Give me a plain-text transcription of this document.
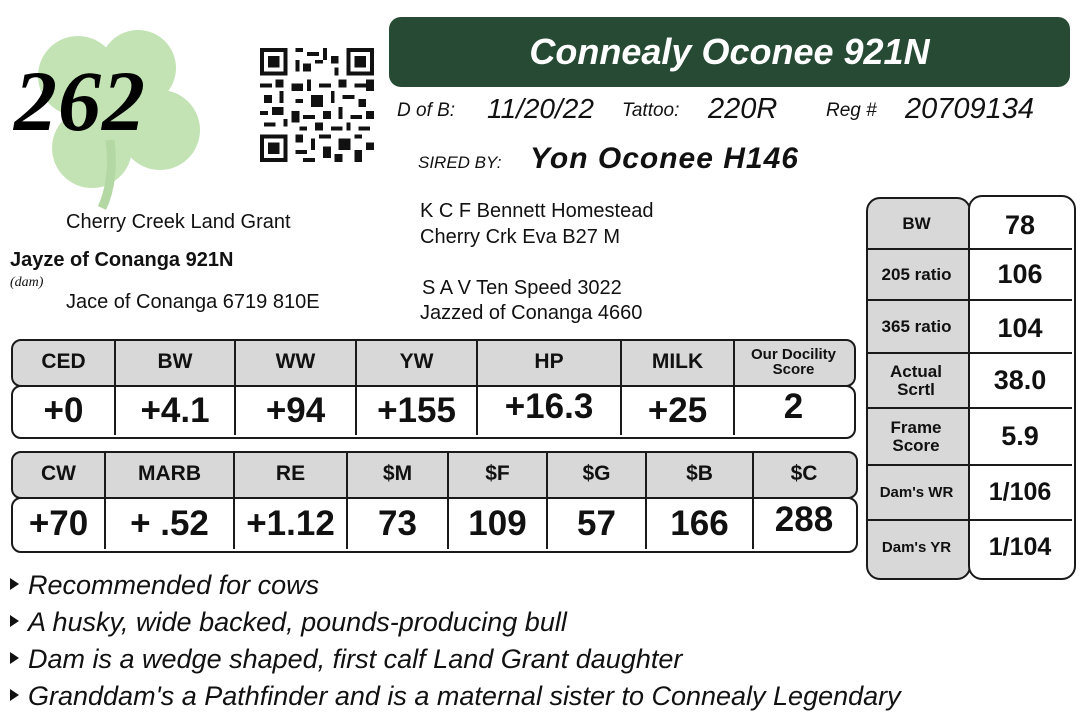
262
Connealy Oconee 921N
D of B: 11/20/22 Tattoo: 220R	Reg # 20709134
SIRED BY: Yon Oconee H146
K C F Bennett Homestead
Cherry Crk Eva B27 M
Cherry Creek Land Grant
Jayze of Conanga 921N
(dam)
Jace of Conanga 6719 810E
S A V Ten Speed 3022
Jazzed of Conanga 4660
CED	BW	WW	YW	HP	MILK	Our Docility Score
+0	+4.1	+94	+155	+16.3	+25	2
CW	MARB	RE	$M	$F	$G	$B	$C
+70	+ .52	+1.12	73	109	57	166	288
BW	78
205 ratio	106
365 ratio	104
Actual Scrtl	38.0
Frame Score	5.9
Dam's WR	1/106
Dam's YR	1/104
Recommended for cows
A husky, wide backed, pounds-producing bull
Dam is a wedge shaped, first calf Land Grant daughter
Granddam's a Pathfinder and is a maternal sister to Conneal​y Legendary
